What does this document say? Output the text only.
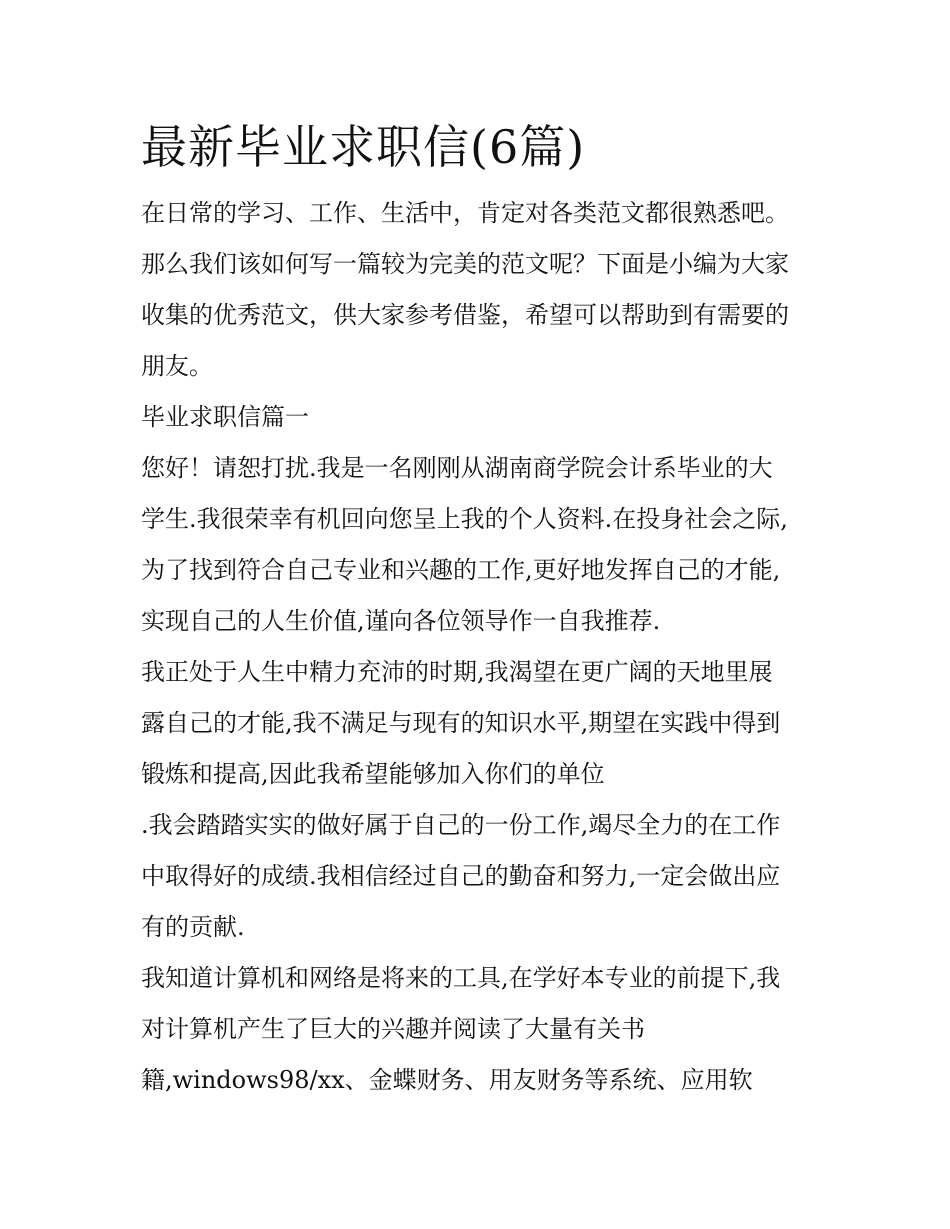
最新毕业求职信(6篇)
在日常的学习、工作、生活中，肯定对各类范文都很熟悉吧。
那么我们该如何写一篇较为完美的范文呢？下面是小编为大家
收集的优秀范文，供大家参考借鉴，希望可以帮助到有需要的
朋友。
毕业求职信篇一
您好！请恕打扰.我是一名刚刚从湖南商学院会计系毕业的大
学生.我很荣幸有机回向您呈上我的个人资料.在投身社会之际,
为了找到符合自己专业和兴趣的工作,更好地发挥自己的才能,
实现自己的人生价值,谨向各位领导作一自我推荐.
我正处于人生中精力充沛的时期,我渴望在更广阔的天地里展
露自己的才能,我不满足与现有的知识水平,期望在实践中得到
锻炼和提高,因此我希望能够加入你们的单位
.我会踏踏实实的做好属于自己的一份工作,竭尽全力的在工作
中取得好的成绩.我相信经过自己的勤奋和努力,一定会做出应
有的贡献.
我知道计算机和网络是将来的工具,在学好本专业的前提下,我
对计算机产生了巨大的兴趣并阅读了大量有关书
籍,windows98/xx、金蝶财务、用友财务等系统、应用软
